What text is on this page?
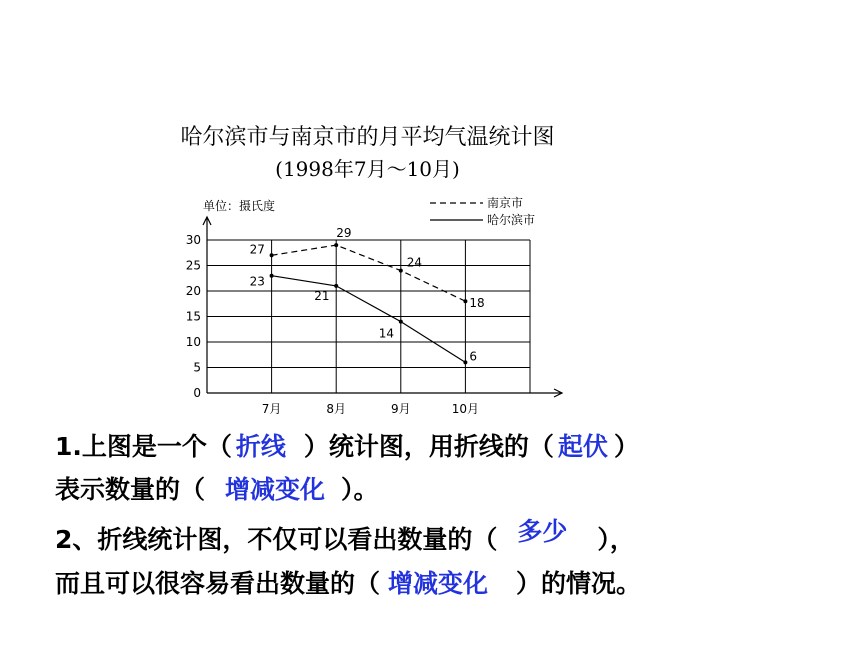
哈尔滨市与南京市的月平均气温统计图
(1998年7月～10月)
单位：摄氏度
0
5
10
15
20
25
30
7月	8月	9月	10月
27
29
24
18
23
21
14
6
南京市
哈尔滨市
1.上图是一个（ 折线 ）统计图，用折线的（ 起伏 ）
表示数量的（ 增减变化 ）。
2、折线统计图，不仅可以看出数量的（ 多少 ），
而且可以很容易看出数量的（ 增减变化 ）的情况。
